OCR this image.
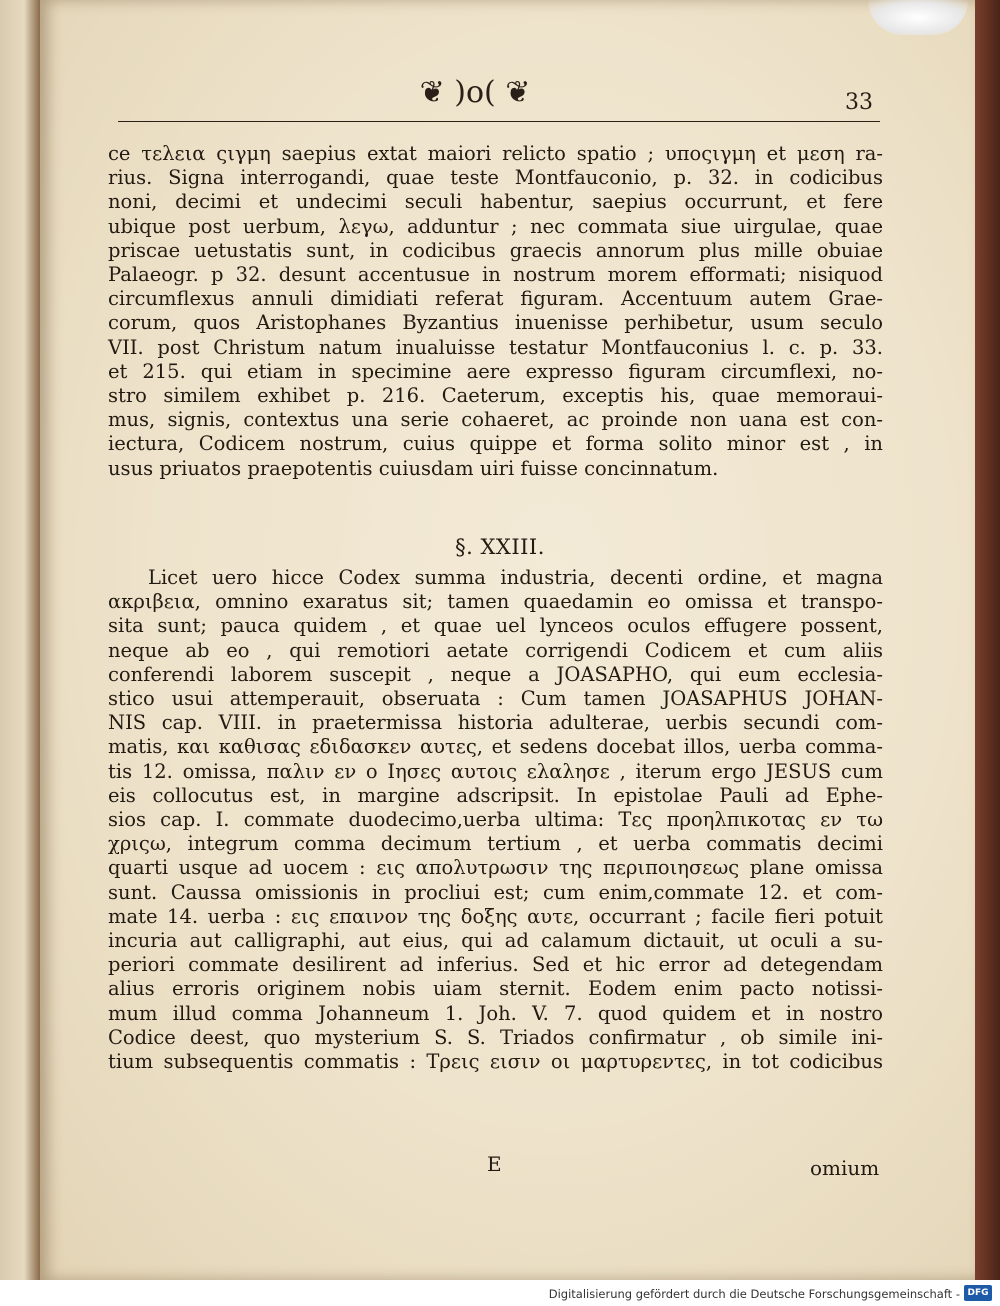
❦ )o( ❦	33
ce τελεια ςιγμη saepius extat maiori relicto spatio ; υποςιγμη et μεση ra-
rius. Signa interrogandi, quae teste Montfauconio, p. 32. in codicibus
noni, decimi et undecimi seculi habentur, saepius occurrunt, et fere
ubique post uerbum, λεγω, adduntur ; nec commata siue uirgulae, quae
priscae uetustatis sunt, in codicibus graecis annorum plus mille obuiae
Palaeogr. p 32. desunt accentusue in nostrum morem efformati; nisiquod
circumflexus annuli dimidiati referat figuram. Accentuum autem Grae-
corum, quos Aristophanes Byzantius inuenisse perhibetur, usum seculo
VII. post Christum natum inualuisse testatur Montfauconius l. c. p. 33.
et 215. qui etiam in specimine aere expresso figuram circumflexi, no-
stro similem exhibet p. 216. Caeterum, exceptis his, quae memoraui-
mus, signis, contextus una serie cohaeret, ac proinde non uana est con-
iectura, Codicem nostrum, cuius quippe et forma solito minor est , in
usus priuatos praepotentis cuiusdam uiri fuisse concinnatum.
§. XXIII.
Licet uero hicce Codex summa industria, decenti ordine, et magna
ακριβεια, omnino exaratus sit; tamen quaedamin eo omissa et transpo-
sita sunt; pauca quidem , et quae uel lynceos oculos effugere possent,
neque ab eo , qui remotiori aetate corrigendi Codicem et cum aliis
conferendi laborem suscepit , neque a JOASAPHO, qui eum ecclesia-
stico usui attemperauit, obseruata : Cum tamen JOASAPHUS JOHAN-
NIS cap. VIII. in praetermissa historia adulterae, uerbis secundi com-
matis, και καθισας εδιδασκεν αυτες, et sedens docebat illos, uerba comma-
tis 12. omissa, παλιν εν ο Ιησες αυτοις ελαλησε , iterum ergo JESUS cum
eis collocutus est, in margine adscripsit. In epistolae Pauli ad Ephe-
sios cap. I. commate duodecimo,uerba ultima: Τες προηλπικοτας εν τω
χριςω, integrum comma decimum tertium , et uerba commatis decimi
quarti usque ad uocem : εις απολυτρωσιν της περιποιησεως plane omissa
sunt. Caussa omissionis in procliui est; cum enim,commate 12. et com-
mate 14. uerba : εις επαινον της δοξης αυτε, occurrant ; facile fieri potuit
incuria aut calligraphi, aut eius, qui ad calamum dictauit, ut oculi a su-
periori commate desilirent ad inferius. Sed et hic error ad detegendam
alius erroris originem nobis uiam sternit. Eodem enim pacto notissi-
mum illud comma Johanneum 1. Joh. V. 7. quod quidem et in nostro
Codice deest, quo mysterium S. S. Triados confirmatur , ob simile ini-
tium subsequentis commatis : Τρεις εισιν οι μαρτυρεντες, in tot codicibus
E	omium
Digitalisierung gefördert durch die Deutsche Forschungsgemeinschaft - DFG
